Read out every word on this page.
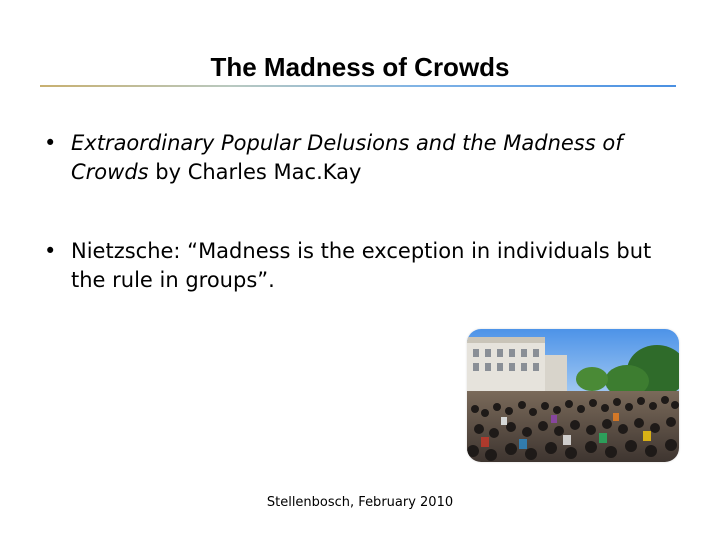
The Madness of Crowds
• Extraordinary Popular Delusions and the Madness of Crowds by Charles Mac.Kay
• Nietzsche: “Madness is the exception in individuals but the rule in groups”.
Stellenbosch, February 2010
